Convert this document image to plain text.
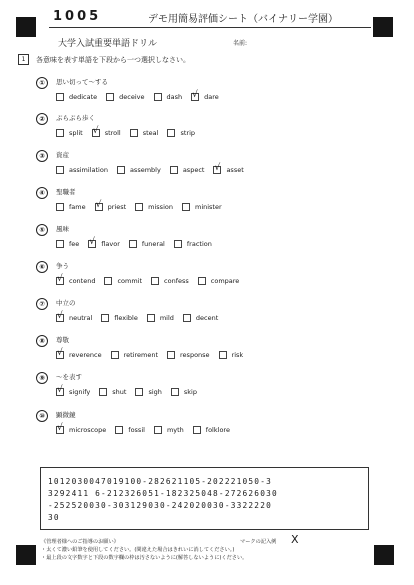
1005	デモ用簡易評価シート（バイナリー学園）
大学入試重要単語ドリル	名前:
1	各意味を表す単語を下段から一つ選択しなさい。
①	思い切って～する
dedicate	deceive	dash √ dare
②	ぶらぶら歩く
split √ stroll	steal	strip
③	資産
assimilation	assembly	aspect √ asset
④	聖職者
fame √ priest	mission	minister
⑤	風味
fee √ flavor	funeral	fraction
⑥	争う
√ contend	commit	confess	compare
⑦	中立の
√ neutral	flexible	mild	decent
⑧	尊敬
√ reverence	retirement	response	risk
⑨	～を表す
√ signify	shut	sigh	skip
⑩	顕微鏡
√ microscope	fossil	myth	folklore
1012030047019100-282621105-202221050-3
3292411 6-212326051-182325048-272626030
-252520030-303129030-242020030-3322220
30
《管理者様へのご指導のお願い》
・太くて濃い鉛筆を使用してください。(間違えた場合はきれいに消してください。)
・最上段の文字数字と下段の数字欄の枠は汚さないように(解答しないように)ください。
マークの記入例 X
